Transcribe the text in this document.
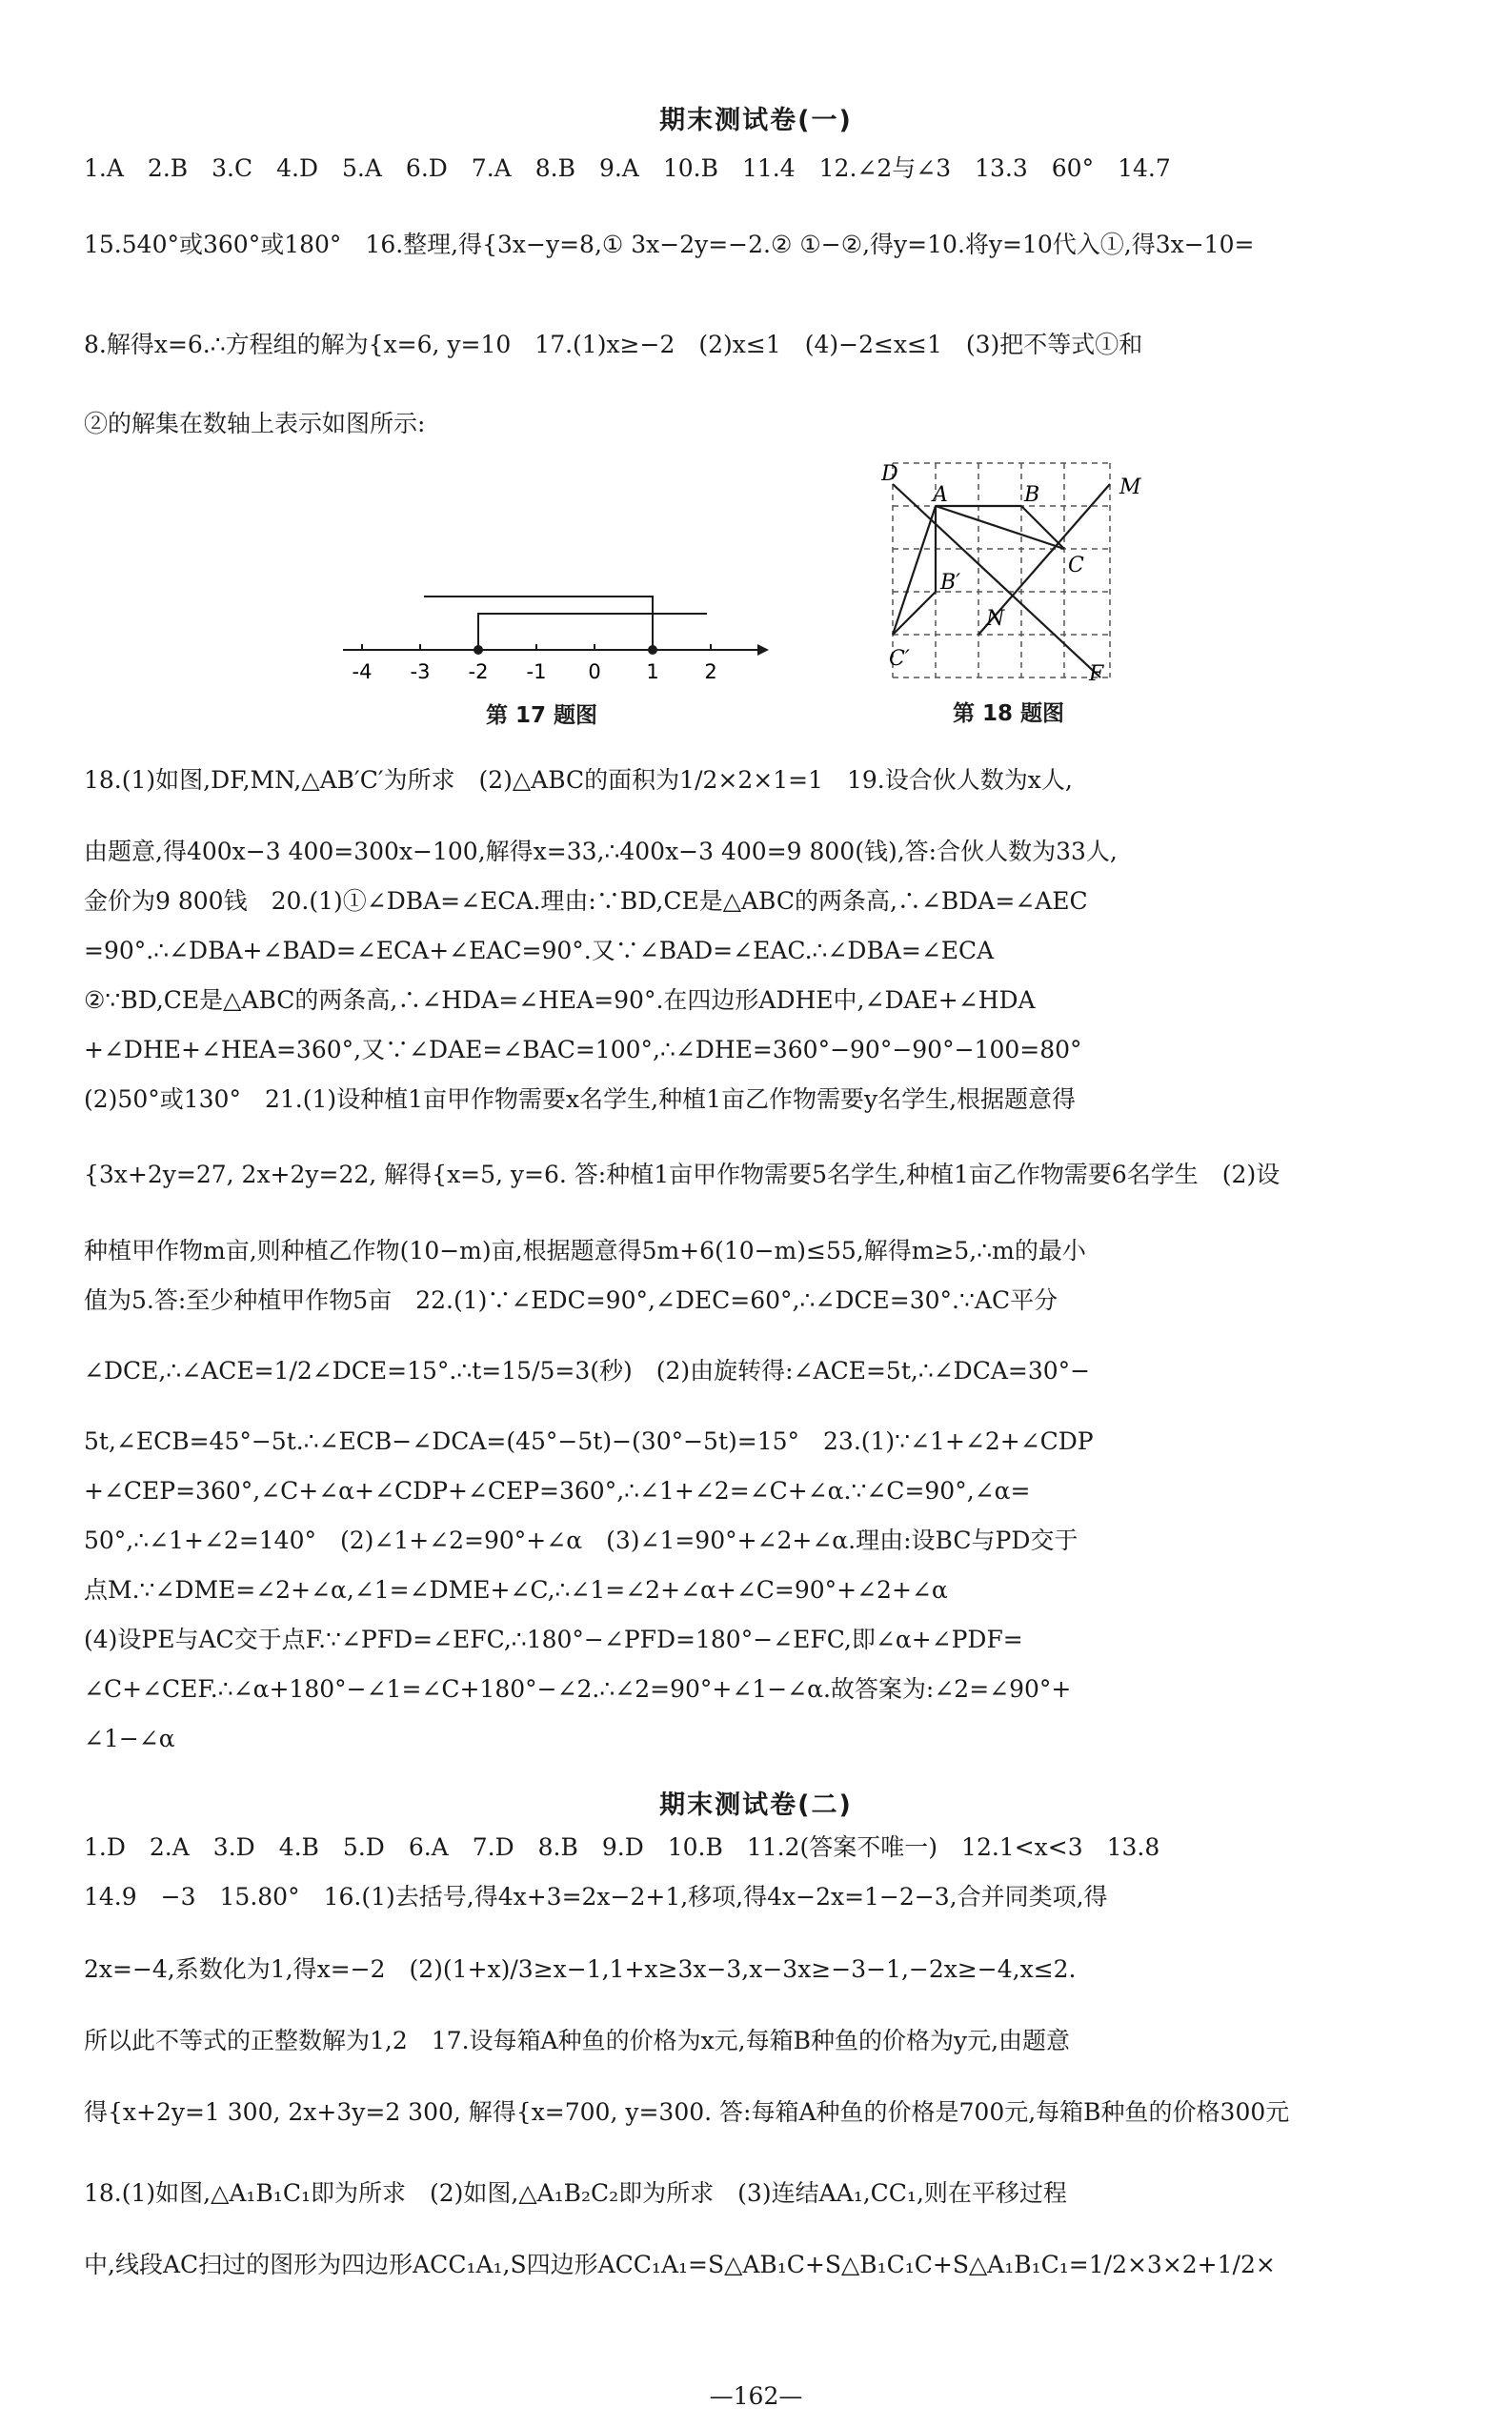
期末测试卷(一)
1.A　2.B　3.C　4.D　5.A　6.D　7.A　8.B　9.A　10.B　11.4　12.∠2与∠3　13.3　60°　14.7
15.540°或360°或180°　16.整理,得{3x−y=8,① 3x−2y=−2.② ①−②,得y=10.将y=10代入①,得3x−10=
8.解得x=6.∴方程组的解为{x=6, y=10　17.(1)x≥−2　(2)x≤1　(4)−2≤x≤1　(3)把不等式①和
②的解集在数轴上表示如图所示:
-4 -3 -2 -1 0 1 2
第 17 题图
D
A	B	M
C
B′
N
C′
F
第 18 题图
18.(1)如图,DF,MN,△AB′C′为所求　(2)△ABC的面积为1/2×2×1=1　19.设合伙人数为x人,
由题意,得400x−3 400=300x−100,解得x=33,∴400x−3 400=9 800(钱),答:合伙人数为33人,
金价为9 800钱　20.(1)①∠DBA=∠ECA.理由:∵BD,CE是△ABC的两条高,∴∠BDA=∠AEC
=90°.∴∠DBA+∠BAD=∠ECA+∠EAC=90°.又∵∠BAD=∠EAC.∴∠DBA=∠ECA
②∵BD,CE是△ABC的两条高,∴∠HDA=∠HEA=90°.在四边形ADHE中,∠DAE+∠HDA
+∠DHE+∠HEA=360°,又∵∠DAE=∠BAC=100°,∴∠DHE=360°−90°−90°−100=80°
(2)50°或130°　21.(1)设种植1亩甲作物需要x名学生,种植1亩乙作物需要y名学生,根据题意得
{3x+2y=27, 2x+2y=22, 解得{x=5, y=6. 答:种植1亩甲作物需要5名学生,种植1亩乙作物需要6名学生　(2)设
种植甲作物m亩,则种植乙作物(10−m)亩,根据题意得5m+6(10−m)≤55,解得m≥5,∴m的最小
值为5.答:至少种植甲作物5亩　22.(1)∵∠EDC=90°,∠DEC=60°,∴∠DCE=30°.∵AC平分
∠DCE,∴∠ACE=1/2∠DCE=15°.∴t=15/5=3(秒)　(2)由旋转得:∠ACE=5t,∴∠DCA=30°−
5t,∠ECB=45°−5t.∴∠ECB−∠DCA=(45°−5t)−(30°−5t)=15°　23.(1)∵∠1+∠2+∠CDP
+∠CEP=360°,∠C+∠α+∠CDP+∠CEP=360°,∴∠1+∠2=∠C+∠α.∵∠C=90°,∠α=
50°,∴∠1+∠2=140°　(2)∠1+∠2=90°+∠α　(3)∠1=90°+∠2+∠α.理由:设BC与PD交于
点M.∵∠DME=∠2+∠α,∠1=∠DME+∠C,∴∠1=∠2+∠α+∠C=90°+∠2+∠α
(4)设PE与AC交于点F.∵∠PFD=∠EFC,∴180°−∠PFD=180°−∠EFC,即∠α+∠PDF=
∠C+∠CEF.∴∠α+180°−∠1=∠C+180°−∠2.∴∠2=90°+∠1−∠α.故答案为:∠2=∠90°+
∠1−∠α
期末测试卷(二)
1.D　2.A　3.D　4.B　5.D　6.A　7.D　8.B　9.D　10.B　11.2(答案不唯一)　12.1<x<3　13.8
14.9　−3　15.80°　16.(1)去括号,得4x+3=2x−2+1,移项,得4x−2x=1−2−3,合并同类项,得
2x=−4,系数化为1,得x=−2　(2)(1+x)/3≥x−1,1+x≥3x−3,x−3x≥−3−1,−2x≥−4,x≤2.
所以此不等式的正整数解为1,2　17.设每箱A种鱼的价格为x元,每箱B种鱼的价格为y元,由题意
得{x+2y=1 300, 2x+3y=2 300, 解得{x=700, y=300. 答:每箱A种鱼的价格是700元,每箱B种鱼的价格300元
18.(1)如图,△A₁B₁C₁即为所求　(2)如图,△A₁B₂C₂即为所求　(3)连结AA₁,CC₁,则在平移过程
中,线段AC扫过的图形为四边形ACC₁A₁,S四边形ACC₁A₁=S△AB₁C+S△B₁C₁C+S△A₁B₁C₁=1/2×3×2+1/2×
—162—
